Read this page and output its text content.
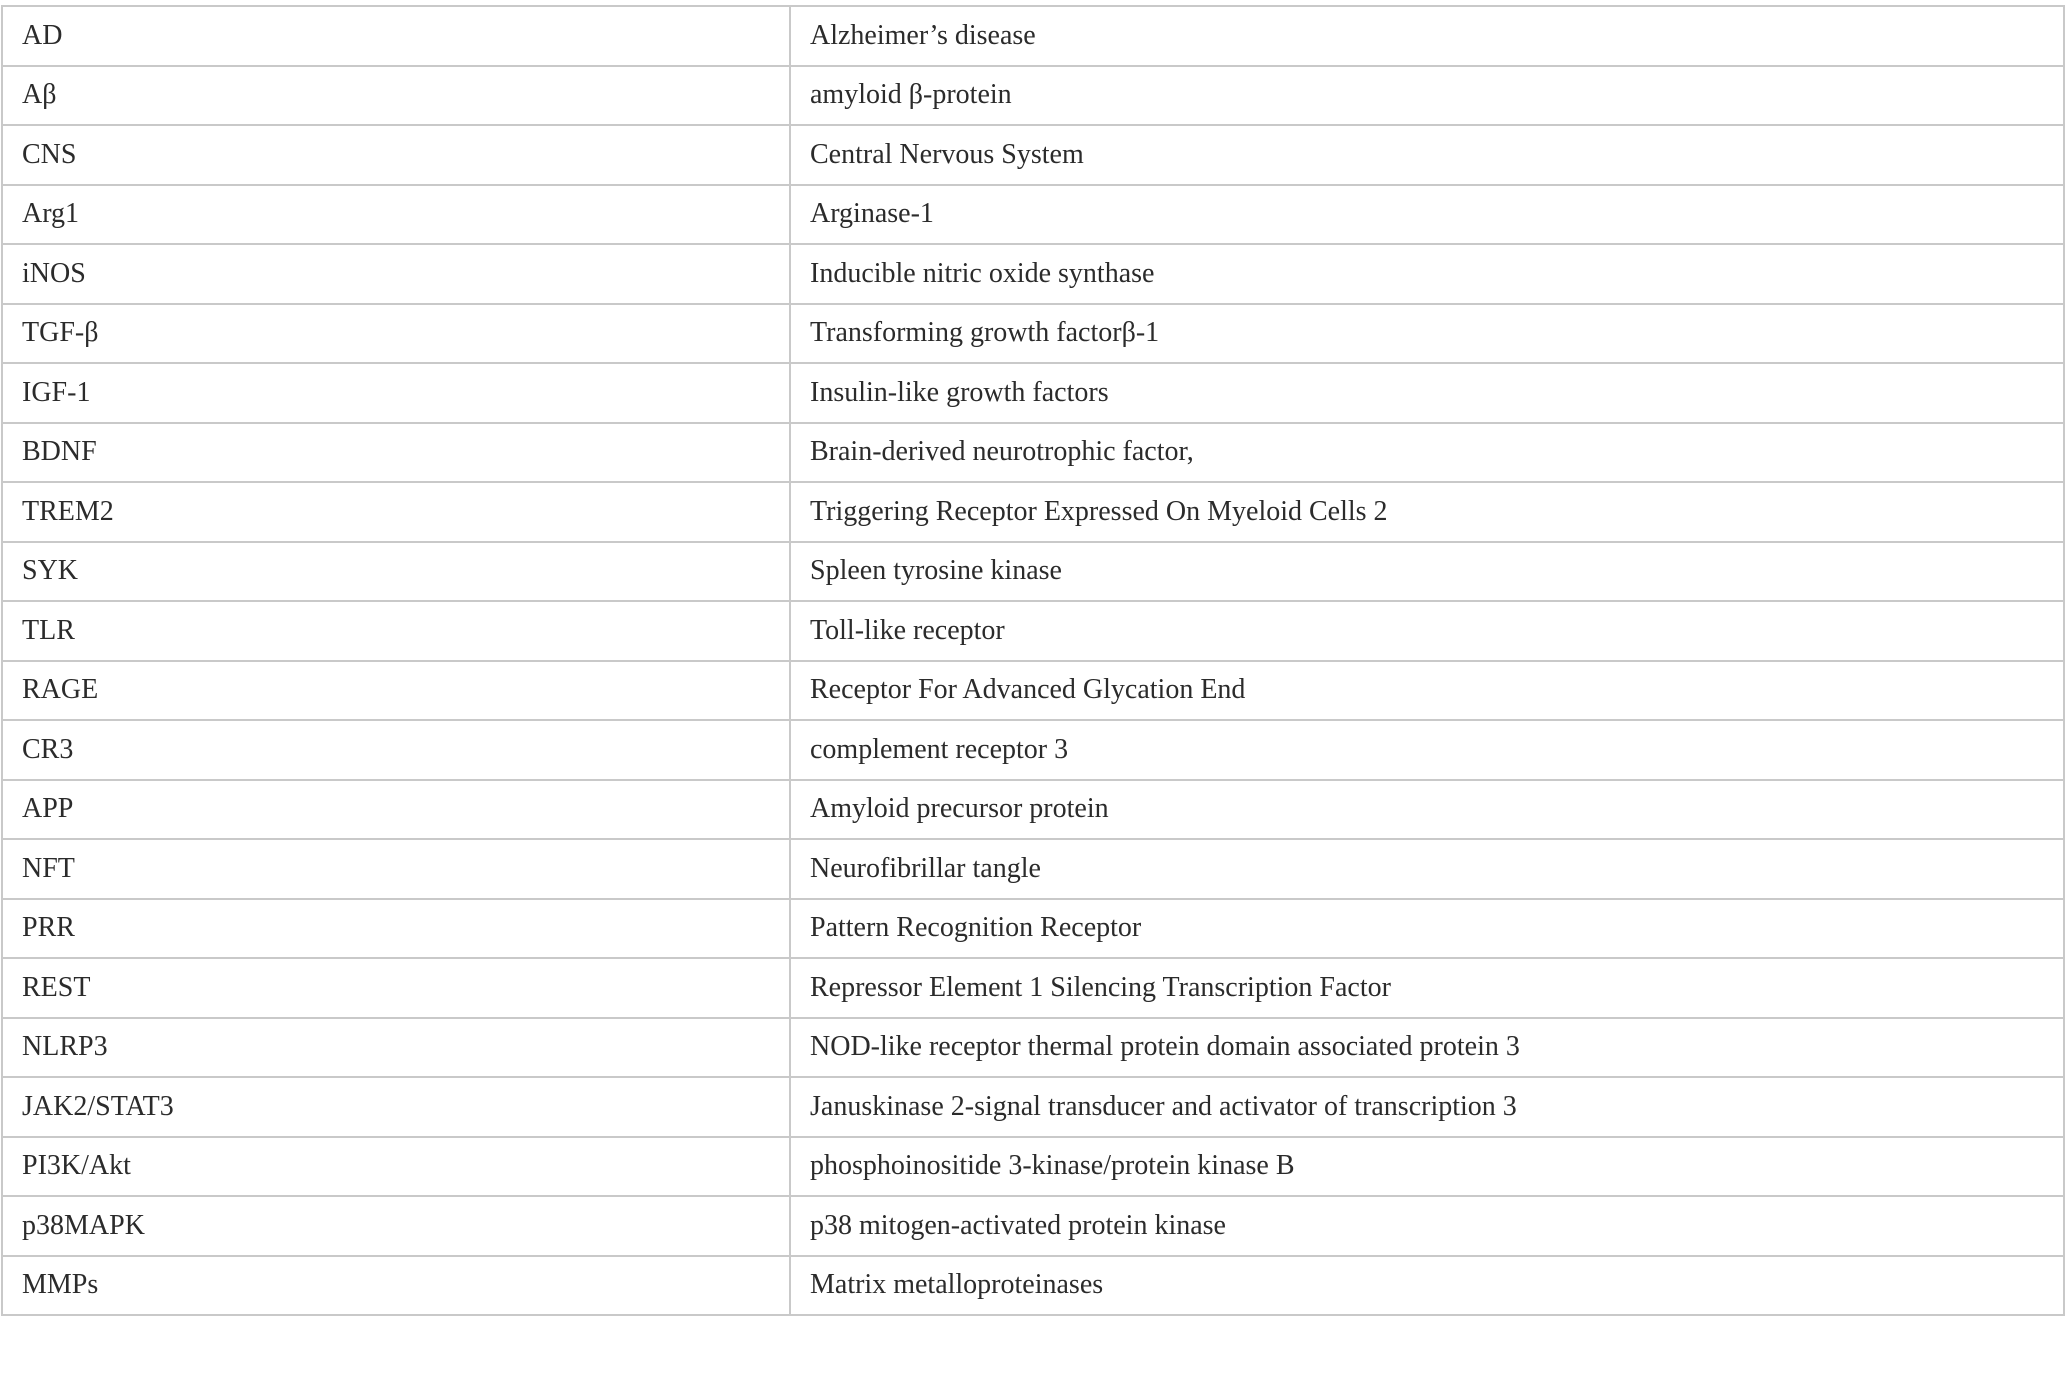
AD	Alzheimer’s disease
Aβ	amyloid β-protein
CNS	Central Nervous System
Arg1	Arginase-1
iNOS	Inducible nitric oxide synthase
TGF-β	Transforming growth factorβ-1
IGF-1	Insulin-like growth factors
BDNF	Brain-derived neurotrophic factor,
TREM2	Triggering Receptor Expressed On Myeloid Cells 2
SYK	Spleen tyrosine kinase
TLR	Toll-like receptor
RAGE	Receptor For Advanced Glycation End
CR3	complement receptor 3
APP	Amyloid precursor protein
NFT	Neurofibrillar tangle
PRR	Pattern Recognition Receptor
REST	Repressor Element 1 Silencing Transcription Factor
NLRP3	NOD-like receptor thermal protein domain associated protein 3
JAK2/STAT3	Januskinase 2-signal transducer and activator of transcription 3
PI3K/Akt	phosphoinositide 3-kinase/protein kinase B
p38MAPK	p38 mitogen-activated protein kinase
MMPs	Matrix metalloproteinases
